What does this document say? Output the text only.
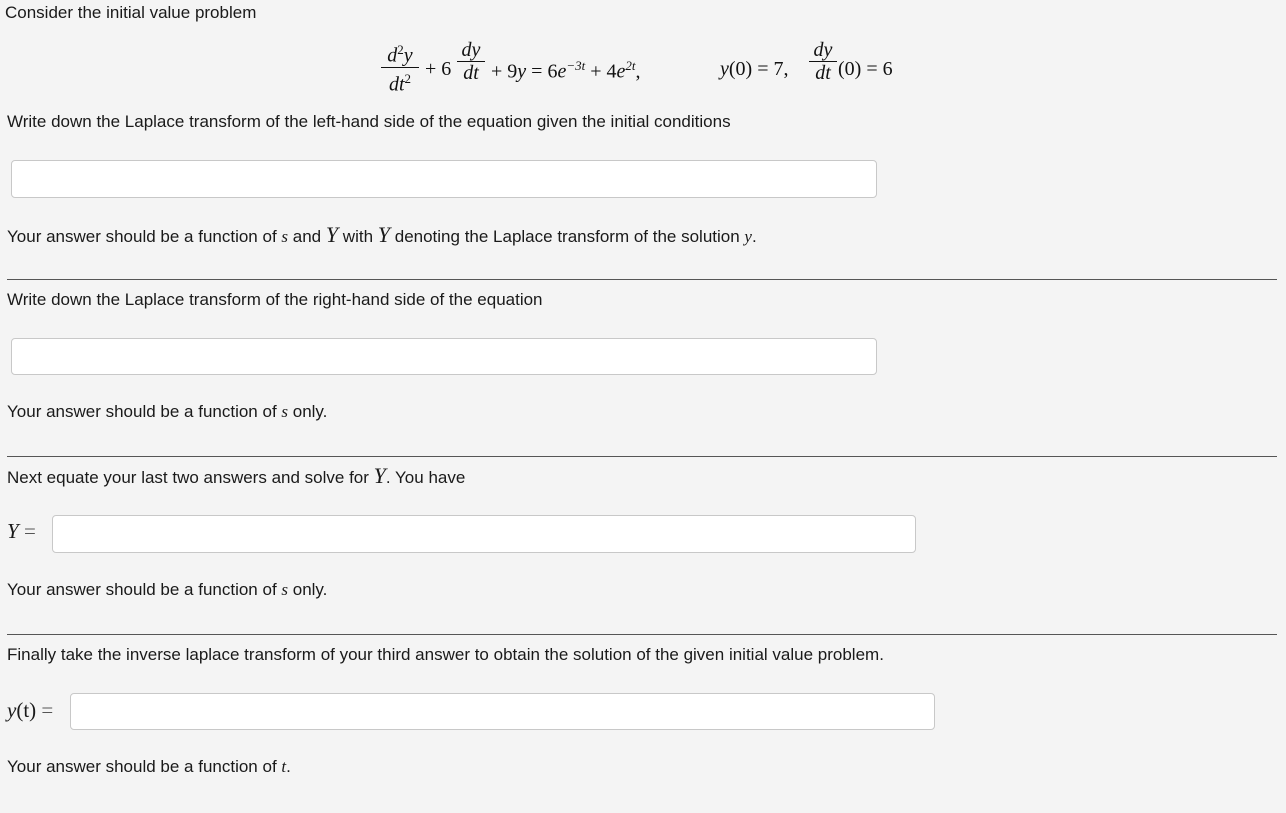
Consider the initial value problem
$d^2y$
$dt^2 + 6$
dy
dt + $9y = 6e^{-3t} + 4e^{2t}$,	y(0) = 7,
dy
dt (0) = 6
Write down the Laplace transform of the left-hand side of the equation given the initial conditions
Your answer should be a function of s and Y with Y denoting the Laplace transform of the solution y.
Write down the Laplace transform of the right-hand side of the equation
Your answer should be a function of s only.
Next equate your last two answers and solve for Y. You have
Y =
Your answer should be a function of s only.
Finally take the inverse laplace transform of your third answer to obtain the solution of the given initial value problem.
y(t) =
Your answer should be a function of t.
